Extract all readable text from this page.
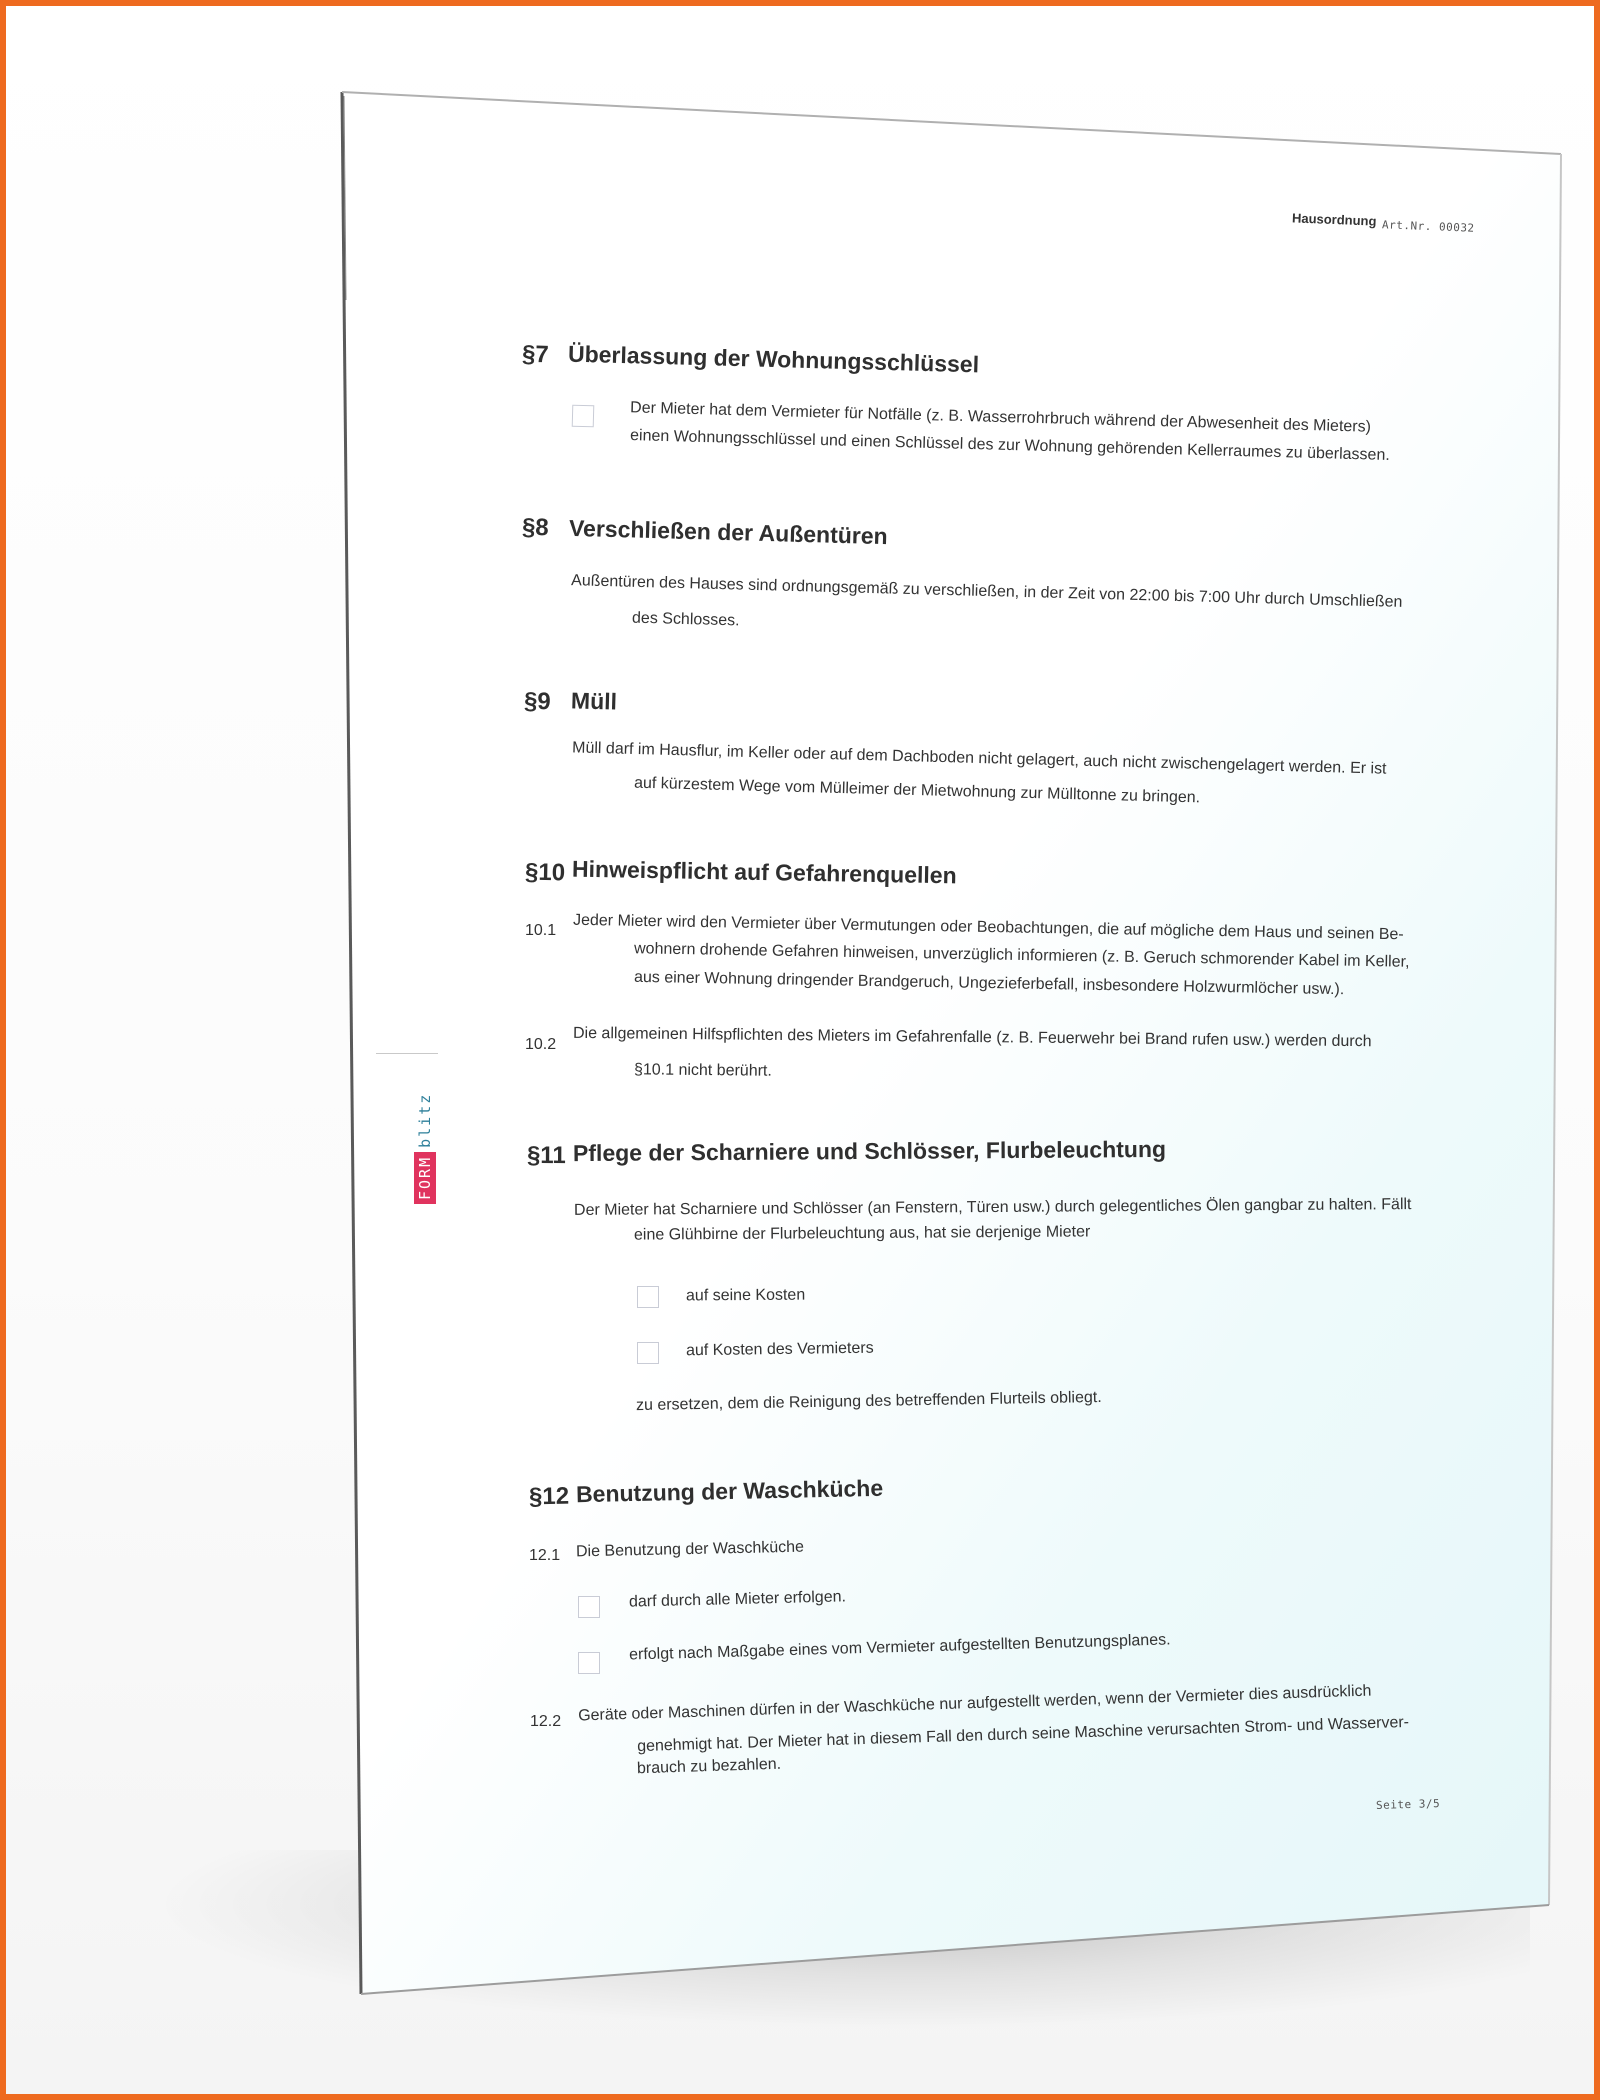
Hausordnung Art.Nr. 00032
FORM
blitz
§7 Überlassung der Wohnungsschlüssel
Der Mieter hat dem Vermieter für Notfälle (z. B. Wasserrohrbruch während der Abwesenheit des Mieters)
einen Wohnungsschlüssel und einen Schlüssel des zur Wohnung gehörenden Kellerraumes zu überlassen.
§8 Verschließen der Außentüren
Außentüren des Hauses sind ordnungsgemäß zu verschließen, in der Zeit von 22:00 bis 7:00 Uhr durch Umschließen
des Schlosses.
§9 Müll
Müll darf im Hausflur, im Keller oder auf dem Dachboden nicht gelagert, auch nicht zwischengelagert werden. Er ist
auf kürzestem Wege vom Mülleimer der Mietwohnung zur Mülltonne zu bringen.
§10 Hinweispflicht auf Gefahrenquellen
10.1 Jeder Mieter wird den Vermieter über Vermutungen oder Beobachtungen, die auf mögliche dem Haus und seinen Be-
wohnern drohende Gefahren hinweisen, unverzüglich informieren (z. B. Geruch schmorender Kabel im Keller,
aus einer Wohnung dringender Brandgeruch, Ungezieferbefall, insbesondere Holzwurmlöcher usw.).
10.2 Die allgemeinen Hilfspflichten des Mieters im Gefahrenfalle (z. B. Feuerwehr bei Brand rufen usw.) werden durch
§10.1 nicht berührt.
§11 Pflege der Scharniere und Schlösser, Flurbeleuchtung
Der Mieter hat Scharniere und Schlösser (an Fenstern, Türen usw.) durch gelegentliches Ölen gangbar zu halten. Fällt
eine Glühbirne der Flurbeleuchtung aus, hat sie derjenige Mieter
auf seine Kosten
auf Kosten des Vermieters
zu ersetzen, dem die Reinigung des betreffenden Flurteils obliegt.
§12 Benutzung der Waschküche
12.1 Die Benutzung der Waschküche
darf durch alle Mieter erfolgen.
erfolgt nach Maßgabe eines vom Vermieter aufgestellten Benutzungsplanes.
12.2 Geräte oder Maschinen dürfen in der Waschküche nur aufgestellt werden, wenn der Vermieter dies ausdrücklich
genehmigt hat. Der Mieter hat in diesem Fall den durch seine Maschine verursachten Strom- und Wasserver-
brauch zu bezahlen.
Seite 3/5
